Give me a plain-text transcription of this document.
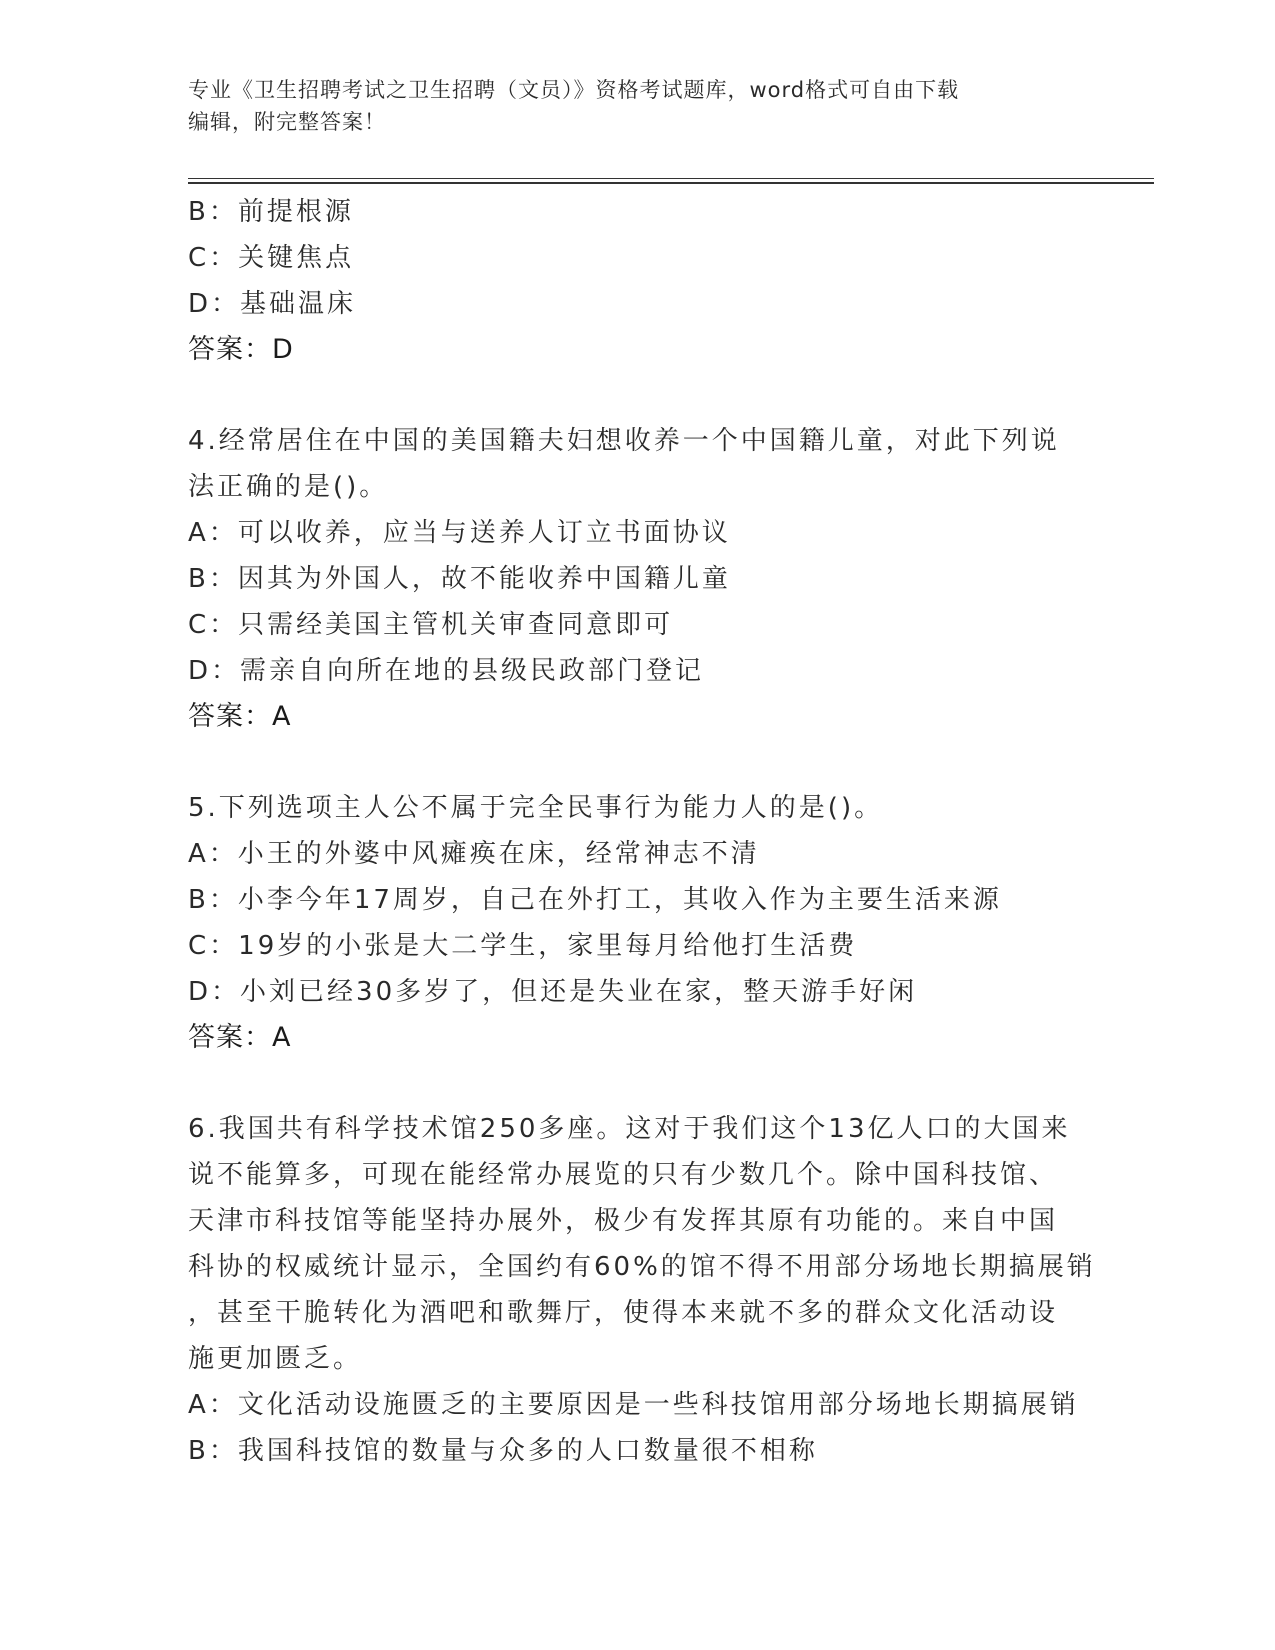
专业《卫生招聘考试之卫生招聘（文员）》资格考试题库，word格式可自由下载
编辑，附完整答案！
B：前提根源
C：关键焦点
D：基础温床
答案：D
4.经常居住在中国的美国籍夫妇想收养一个中国籍儿童，对此下列说
法正确的是()。
A：可以收养，应当与送养人订立书面协议
B：因其为外国人，故不能收养中国籍儿童
C：只需经美国主管机关审查同意即可
D：需亲自向所在地的县级民政部门登记
答案：A
5.下列选项主人公不属于完全民事行为能力人的是()。
A：小王的外婆中风瘫痪在床，经常神志不清
B：小李今年17周岁，自己在外打工，其收入作为主要生活来源
C：19岁的小张是大二学生，家里每月给他打生活费
D：小刘已经30多岁了，但还是失业在家，整天游手好闲
答案：A
6.我国共有科学技术馆250多座。这对于我们这个13亿人口的大国来
说不能算多，可现在能经常办展览的只有少数几个。除中国科技馆、
天津市科技馆等能坚持办展外，极少有发挥其原有功能的。来自中国
科协的权威统计显示，全国约有60%的馆不得不用部分场地长期搞展销
，甚至干脆转化为酒吧和歌舞厅，使得本来就不多的群众文化活动设
施更加匮乏。
A：文化活动设施匮乏的主要原因是一些科技馆用部分场地长期搞展销
B：我国科技馆的数量与众多的人口数量很不相称
